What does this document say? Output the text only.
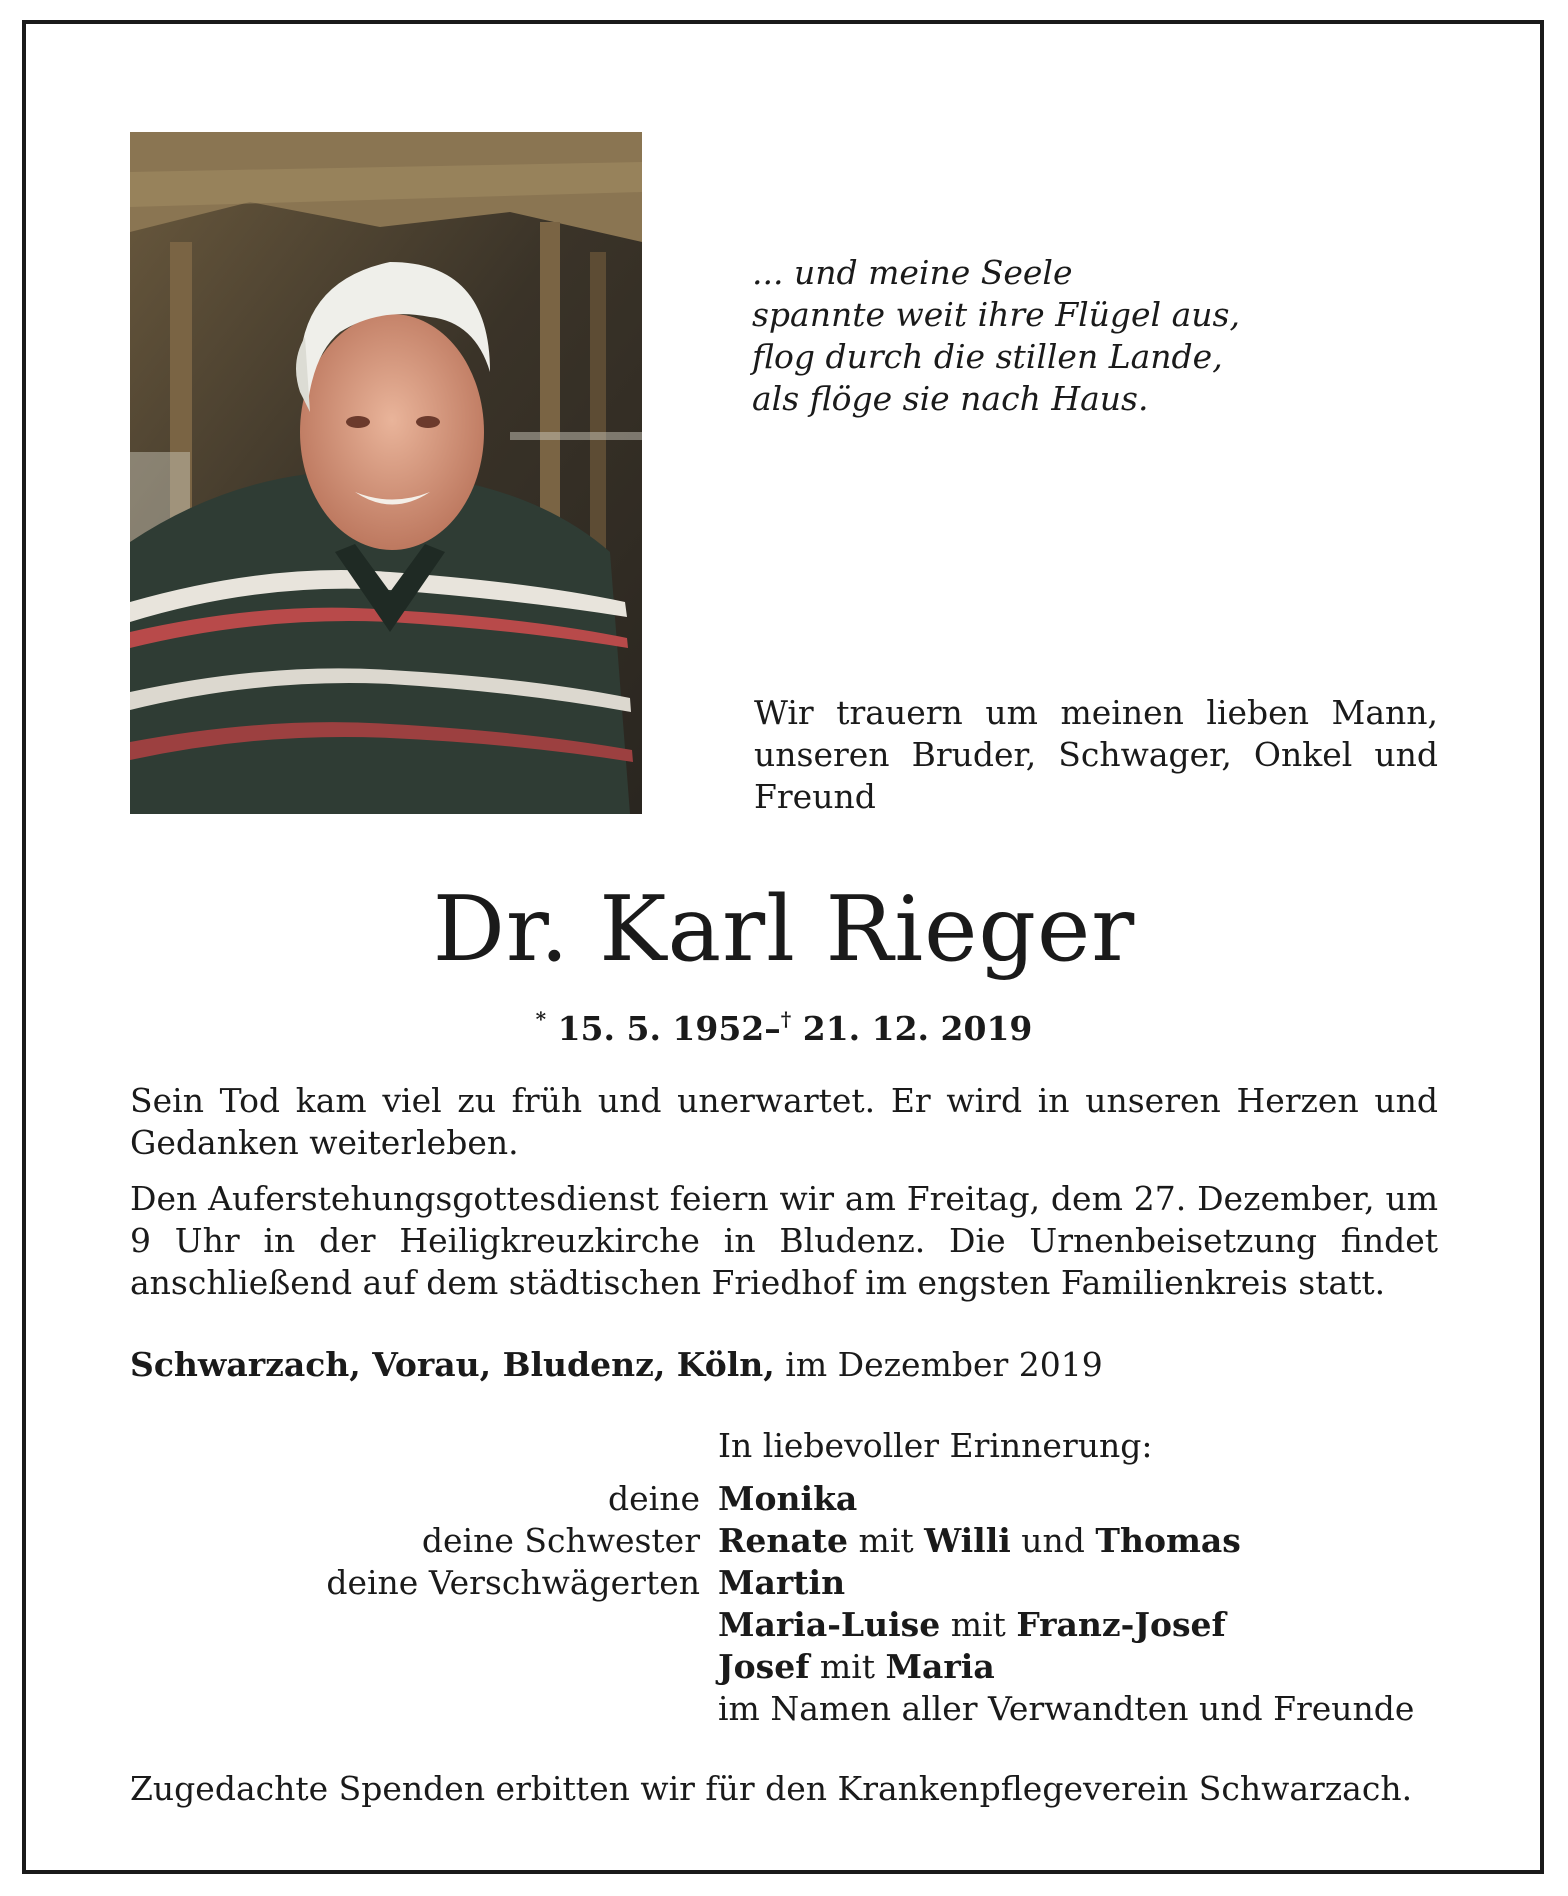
... und meine Seele
spannte weit ihre Flügel aus,
flog durch die stillen Lande,
als flöge sie nach Haus.

Wir trauern um meinen lieben Mann, unseren Bruder, Schwager, Onkel und Freund

Dr. Karl Rieger
* 15. 5. 1952–† 21. 12. 2019

Sein Tod kam viel zu früh und unerwartet. Er wird in unseren Herzen und Gedanken weiterleben.

Den Auferstehungsgottesdienst feiern wir am Freitag, dem 27. Dezember, um 9 Uhr in der Heiligkreuzkirche in Bludenz. Die Urnenbeisetzung findet anschließend auf dem städtischen Friedhof im engsten Familienkreis statt.

Schwarzach, Vorau, Bludenz, Köln, im Dezember 2019
In liebevoller Erinnerung:
deine Monika
deine Schwester Renate mit Willi und Thomas
deine Verschwägerten Martin
Maria-Luise mit Franz-Josef
Josef mit Maria
im Namen aller Verwandten und Freunde
Zugedachte Spenden erbitten wir für den Krankenpflegeverein Schwarzach.
